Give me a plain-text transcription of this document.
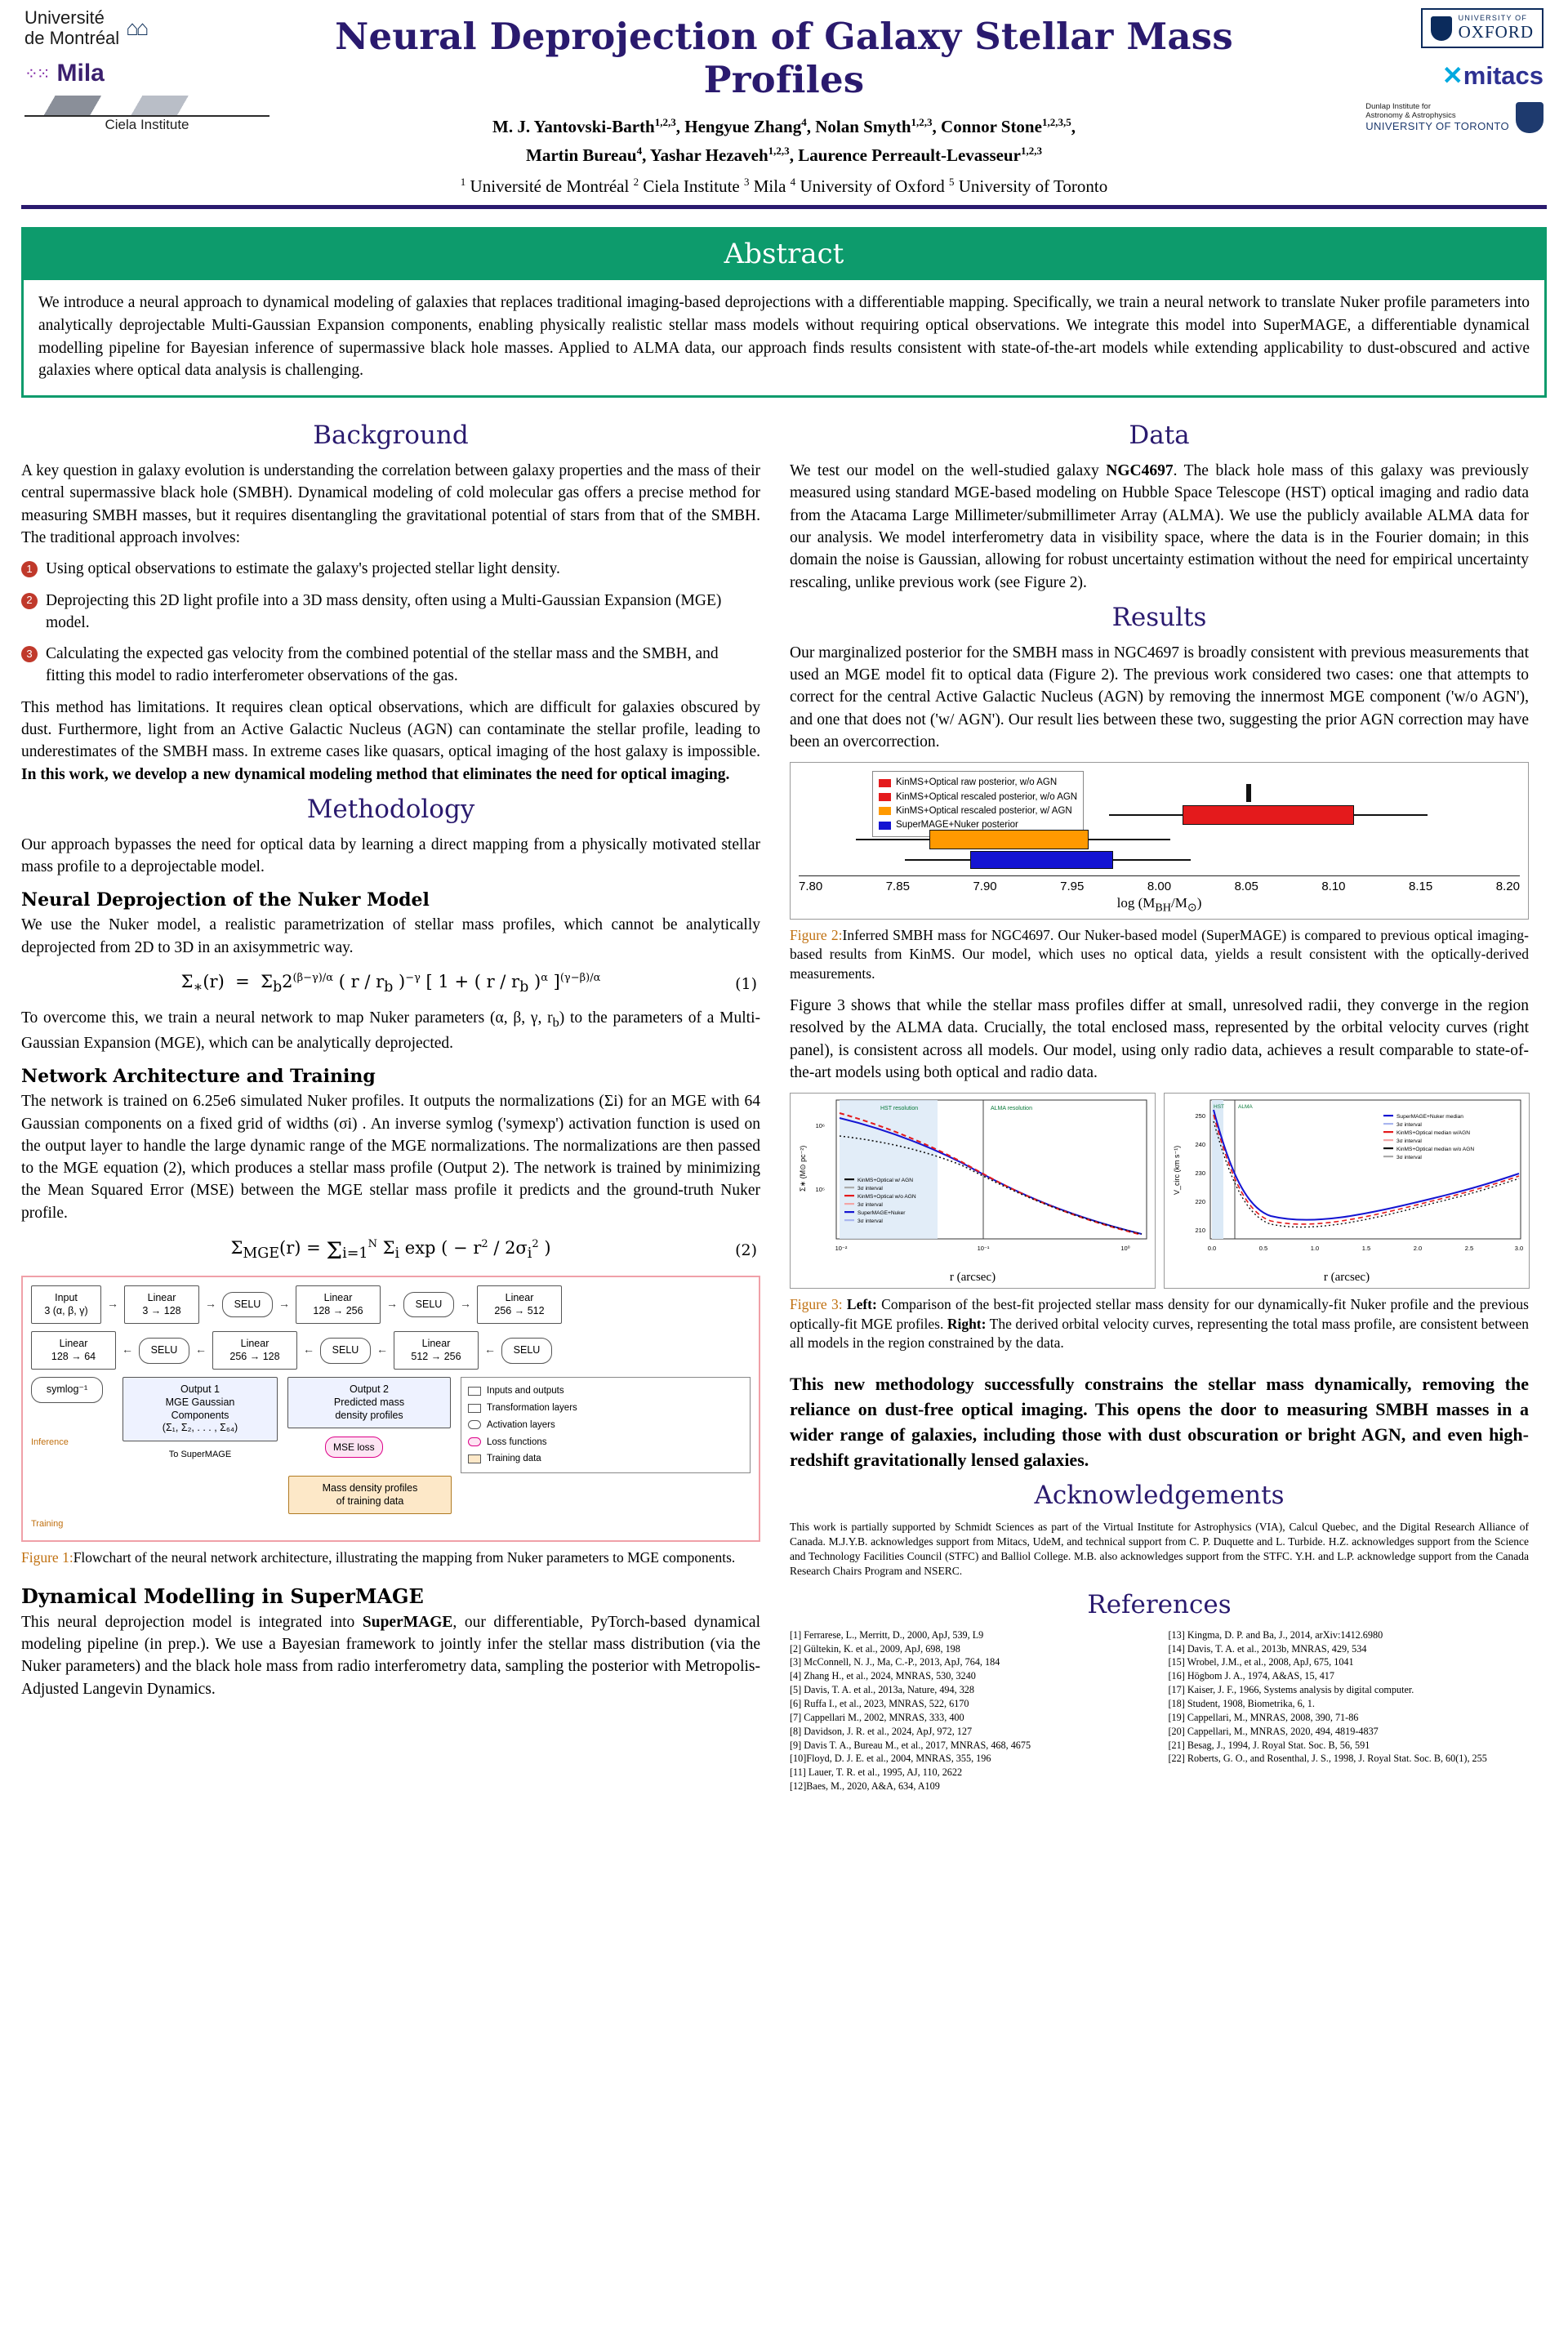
Université
de Montréal ⌂⌂
⁘⁙ Mila
Ciela Institute
Neural Deprojection of Galaxy Stellar Mass Profiles
M. J. Yantovski-Barth$^{1,2,3}$, Hengyue Zhang$^4$, Nolan Smyth$^{1,2,3}$, Connor Stone$^{1,2,3,5}$,
Martin Bureau$^4$, Yashar Hezaveh$^{1,2,3}$, Laurence Perreault-Levasseur$^{1,2,3}$
$^1$ Université de Montréal $^2$ Ciela Institute $^3$ Mila $^4$ University of Oxford $^5$ University of Toronto
UNIVERSITY OF
OXFORD
✕mitacs
Dunlap Institute for
Astronomy & Astrophysics
UNIVERSITY OF TORONTO
Abstract
We introduce a neural approach to dynamical modeling of galaxies that replaces traditional imaging-based deprojections with a differentiable mapping. Specifically, we train a neural network to translate Nuker profile parameters into analytically deprojectable Multi-Gaussian Expansion components, enabling physically realistic stellar mass models without requiring optical observations. We integrate this model into SuperMAGE, a differentiable dynamical modelling pipeline for Bayesian inference of supermassive black hole masses. Applied to ALMA data, our approach finds results consistent with state-of-the-art models while extending applicability to dust-obscured and active galaxies where optical data analysis is challenging.
Background

A key question in galaxy evolution is understanding the correlation between galaxy properties and the mass of their central supermassive black hole (SMBH). Dynamical modeling of cold molecular gas offers a precise method for measuring SMBH masses, but it requires disentangling the gravitational potential of stars from that of the SMBH. The traditional approach involves:

1 Using optical observations to estimate the galaxy's projected stellar light density.
2 Deprojecting this 2D light profile into a 3D mass density, often using a Multi-Gaussian Expansion (MGE) model.
3 Calculating the expected gas velocity from the combined potential of the stellar mass and the SMBH, and fitting this model to radio interferometer observations of the gas.

This method has limitations. It requires clean optical observations, which are difficult for galaxies obscured by dust. Furthermore, light from an Active Galactic Nucleus (AGN) can contaminate the stellar profile, leading to underestimates of the SMBH mass. In extreme cases like quasars, optical imaging of the host galaxy is impossible. In this work, we develop a new dynamical modeling method that eliminates the need for optical imaging.

Methodology

Our approach bypasses the need for optical data by learning a direct mapping from a physically motivated stellar mass profile to a deprojectable model.

Neural Deprojection of the Nuker Model

We use the Nuker model, a realistic parametrization of stellar mass profiles, which cannot be analytically deprojected from 2D to 3D in an axisymmetric way.

$\Sigma_∗(r) = \Sigma_b2^{(\beta-\gamma)/\alpha}$ ( r / $r_b$ )$^{-\gamma}$ [ 1 + ( r / $r_b$ )$^\alpha$ ]$^{(\gamma-\beta)/\alpha}$	(1)

To overcome this, we train a neural network to map Nuker parameters (α, β, γ, $r_b$) to the parameters of a Multi-Gaussian Expansion (MGE), which can be analytically deprojected.

Network Architecture and Training

The network is trained on 6.25e6 simulated Nuker profiles. It outputs the normalizations (Σi) for an MGE with 64 Gaussian components on a fixed grid of widths (σi) . An inverse symlog ('symexp') activation function is used on the output layer to handle the large dynamic range of the MGE normalizations. The normalizations are then passed to the MGE equation (2), which produces a stellar mass profile (Output 2). The network is trained by minimizing the Mean Squared Error (MSE) between the MGE stellar mass profile it predicts and the ground-truth Nuker profile.

$\Sigma_{MGE}(r) = \Sigma_{i=1}^N$ $\Sigma_i$ exp ( − $r^2 / 2\sigma_i^2$ )	(2)
Input
3 (α, β, γ)	→
Linear
3 → 128	→	SELU	→
Linear
128 → 256	→	SELU	→
Linear
256 → 512
Linear
128 → 64	←	SELU	←
Linear
256 → 128	←	SELU	←
Linear
512 → 256	←	SELU
symlog⁻¹
Inference
Output 1
MGE Gaussian
Components
(Σ₁, Σ₂, . . . , Σ₆₄)
To SuperMAGE
Output 2
Predicted mass
density profiles
MSE loss
Inputs and outputs
Transformation layers
Activation layers
Loss functions
Training data
Mass density profiles
of training data
Training
Figure 1:Flowchart of the neural network architecture, illustrating the mapping from Nuker parameters to MGE components.
Dynamical Modelling in SuperMAGE

This neural deprojection model is integrated into SuperMAGE, our differentiable, PyTorch-based dynamical modeling pipeline (in prep.). We use a Bayesian framework to jointly infer the stellar mass distribution (via the Nuker parameters) and the black hole mass from radio interferometry data, sampling the posterior with Metropolis-Adjusted Langevin Dynamics.

Data

We test our model on the well-studied galaxy NGC4697. The black hole mass of this galaxy was previously measured using standard MGE-based modeling on Hubble Space Telescope (HST) optical imaging and radio data from the Atacama Large Millimeter/submillimeter Array (ALMA). We use the publicly available ALMA data for our analysis. We model interferometry data in visibility space, where the data is in the Fourier domain; in this domain the noise is Gaussian, allowing for robust uncertainty estimation without the need for empirical uncertainty rescaling, unlike previous work (see Figure 2).

Results

Our marginalized posterior for the SMBH mass in NGC4697 is broadly consistent with previous measurements that used an MGE model fit to optical data (Figure 2). The previous work considered two cases: one that attempts to correct for the central Active Galactic Nucleus (AGN) by removing the innermost MGE component ('w/o AGN'), and one that does not ('w/ AGN'). Our result lies between these two, suggesting the prior AGN correction may have been an overcorrection.

KinMS+Optical raw posterior, w/o AGN
KinMS+Optical rescaled posterior, w/o AGN
KinMS+Optical rescaled posterior, w/ AGN
SuperMAGE+Nuker posterior
7.80	7.85	7.90	7.95	8.00	8.05	8.10	8.15	8.20
$\log (M_{BH}/M_⊙)$
Figure 2:Inferred SMBH mass for NGC4697. Our Nuker-based model (SuperMAGE) is compared to previous optical imaging-based results from KinMS. Our model, which uses no optical data, yields a result consistent with the optically-derived measurements.

Figure 3 shows that while the stellar mass profiles differ at small, unresolved radii, they converge in the region resolved by the ALMA data. Crucially, the total enclosed mass, represented by the orbital velocity curves (right panel), is consistent across all models. Our model, using only radio data, achieves a result comparable to state-of-the-art models using both optical and radio data.

HST resolution	ALMA resolution
10⁶
10⁵
10⁻²	10⁻¹	10⁰
Σ∗ (M⊙ pc⁻²)	KinMS+Optical w/ AGN
3σ interval
KinMS+Optical w/o AGN
3σ interval
SuperMAGE+Nuker
3σ interval
r (arcsec)
HST	ALMA
250
240
230
220
210
V_circ (km s⁻¹)
0.0	0.5	1.0	1.5	2.0	2.5	3.0
SuperMAGE+Nuker median
3σ interval
KinMS+Optical median w/AGN
3σ interval
KinMS+Optical median w/o AGN
3σ interval
r (arcsec)
Figure 3: Left: Comparison of the best-fit projected stellar mass density for our dynamically-fit Nuker profile and the previous optically-fit MGE profiles. Right: The derived orbital velocity curves, representing the total mass profile, are consistent between all models in the region constrained by the data.
This new methodology successfully constrains the stellar mass dynamically, removing the reliance on dust-free optical imaging. This opens the door to measuring SMBH masses in a wider range of galaxies, including those with dust obscuration or bright AGN, and even high-redshift gravitationally lensed galaxies.
Acknowledgements
This work is partially supported by Schmidt Sciences as part of the Virtual Institute for Astrophysics (VIA), Calcul Quebec, and the Digital Research Alliance of Canada. M.J.Y.B. acknowledges support from Mitacs, UdeM, and technical support from C. P. Duquette and L. Turbide. H.Z. acknowledges support from the Science and Technology Facilities Council (STFC) and Balliol College. M.B. also acknowledges support from the STFC. Y.H. and L.P. acknowledge support from the Canada Research Chairs Program and NSERC.
References
[1] Ferrarese, L., Merritt, D., 2000, ApJ, 539, L9
[2] Gültekin, K. et al., 2009, ApJ, 698, 198
[3] McConnell, N. J., Ma, C.-P., 2013, ApJ, 764, 184
[4] Zhang H., et al., 2024, MNRAS, 530, 3240
[5] Davis, T. A. et al., 2013a, Nature, 494, 328
[6] Ruffa I., et al., 2023, MNRAS, 522, 6170
[7] Cappellari M., 2002, MNRAS, 333, 400
[8] Davidson, J. R. et al., 2024, ApJ, 972, 127
[9] Davis T. A., Bureau M., et al., 2017, MNRAS, 468, 4675
[10]Floyd, D. J. E. et al., 2004, MNRAS, 355, 196
[11] Lauer, T. R. et al., 1995, AJ, 110, 2622
[12]Baes, M., 2020, A&A, 634, A109
[13] Kingma, D. P. and Ba, J., 2014, arXiv:1412.6980
[14] Davis, T. A. et al., 2013b, MNRAS, 429, 534
[15] Wrobel, J.M., et al., 2008, ApJ, 675, 1041
[16] Högbom J. A., 1974, A&AS, 15, 417
[17] Kaiser, J. F., 1966, Systems analysis by digital computer.
[18] Student, 1908, Biometrika, 6, 1.
[19] Cappellari, M., MNRAS, 2008, 390, 71-86
[20] Cappellari, M., MNRAS, 2020, 494, 4819-4837
[21] Besag, J., 1994, J. Royal Stat. Soc. B, 56, 591
[22] Roberts, G. O., and Rosenthal, J. S., 1998, J. Royal Stat. Soc. B, 60(1), 255
